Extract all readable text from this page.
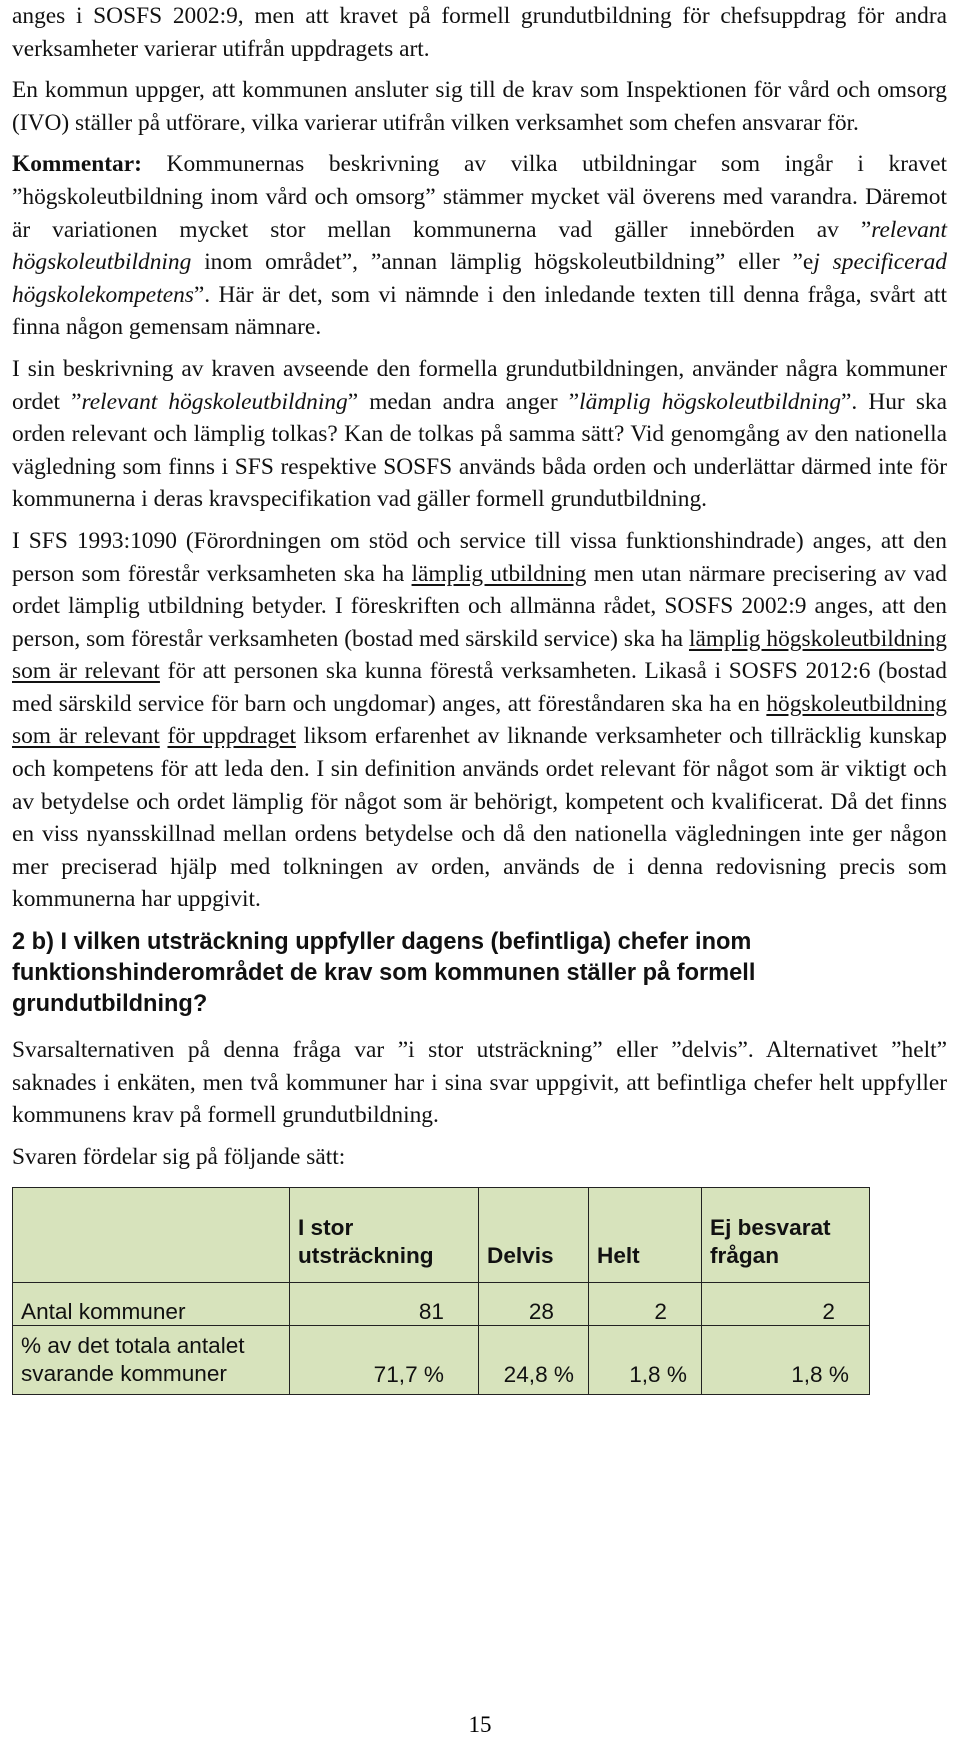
anges i SOSFS 2002:9, men att kravet på formell grundutbildning för chefsuppdrag för andra verksamheter varierar utifrån uppdragets art.

En kommun uppger, att kommunen ansluter sig till de krav som Inspektionen för vård och omsorg (IVO) ställer på utförare, vilka varierar utifrån vilken verksamhet som chefen ansvarar för.

Kommentar: Kommunernas beskrivning av vilka utbildningar som ingår i kravet ”högskoleutbildning inom vård och omsorg” stämmer mycket väl överens med varandra. Däremot är variationen mycket stor mellan kommunerna vad gäller innebörden av ”relevant högskoleutbildning inom området”, ”annan lämplig högskoleutbildning” eller ”ej specificerad högskolekompetens”. Här är det, som vi nämnde i den inledande texten till denna fråga, svårt att finna någon gemensam nämnare.

I sin beskrivning av kraven avseende den formella grundutbildningen, använder några kommuner ordet ”relevant högskoleutbildning” medan andra anger ”lämplig högskoleutbildning”. Hur ska orden relevant och lämplig tolkas? Kan de tolkas på samma sätt? Vid genomgång av den nationella vägledning som finns i SFS respektive SOSFS används båda orden och underlättar därmed inte för kommunerna i deras kravspecifikation vad gäller formell grundutbildning.

I SFS 1993:1090 (Förordningen om stöd och service till vissa funktionshindrade) anges, att den person som förestår verksamheten ska ha lämplig utbildning men utan närmare precisering av vad ordet lämplig utbildning betyder. I föreskriften och allmänna rådet, SOSFS 2002:9 anges, att den person, som förestår verksamheten (bostad med särskild service) ska ha lämplig högskoleutbildning som är relevant för att personen ska kunna förestå verksamheten. Likaså i SOSFS 2012:6 (bostad med särskild service för barn och ungdomar) anges, att föreståndaren ska ha en högskoleutbildning som är relevant för uppdraget liksom erfarenhet av liknande verksamheter och tillräcklig kunskap och kompetens för att leda den. I sin definition används ordet relevant för något som är viktigt och av betydelse och ordet lämplig för något som är behörigt, kompetent och kvalificerat. Då det finns en viss nyansskillnad mellan ordens betydelse och då den nationella vägledningen inte ger någon mer preciserad hjälp med tolkningen av orden, används de i denna redovisning precis som kommunerna har uppgivit.

2 b) I vilken utsträckning uppfyller dagens (befintliga) chefer inom funktionshinderområdet de krav som kommunen ställer på formell grundutbildning?

Svarsalternativen på denna fråga var ”i stor utsträckning” eller ”delvis”. Alternativet ”helt” saknades i enkäten, men två kommuner har i sina svar uppgivit, att befintliga chefer helt uppfyller kommunens krav på formell grundutbildning.

Svaren fördelar sig på följande sätt:

	I stor utsträckning	Delvis	Helt	Ej besvarat frågan
Antal kommuner	81	28	2	2
% av det totala antalet svarande kommuner	71,7 %	24,8 %	1,8 %	1,8 %
15
